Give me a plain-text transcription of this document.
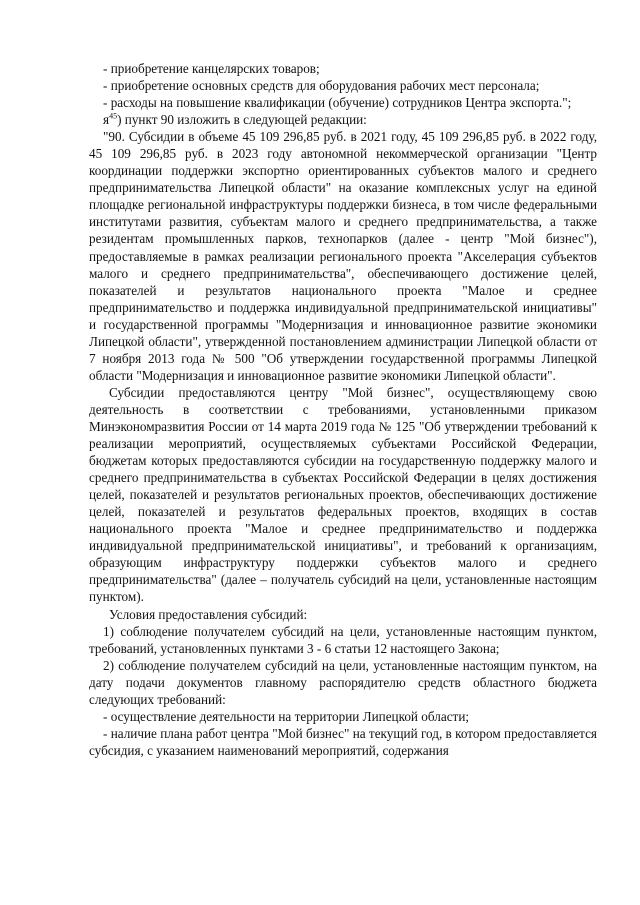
- приобретение канцелярских товаров;

- приобретение основных средств для оборудования рабочих мест персонала;

- расходы на повышение квалификации (обучение) сотрудников Центра экспорта.";

$я^{45}$) пункт 90 изложить в следующей редакции:

"90. Субсидии в объеме 45 109 296,85 руб. в 2021 году, 45 109 296,85 руб. в 2022 году, 45 109 296,85 руб. в 2023 году автономной некоммерческой организации "Центр координации поддержки экспортно ориентированных субъектов малого и среднего предпринимательства Липецкой области" на оказание комплексных услуг на единой площадке региональной инфраструктуры поддержки бизнеса, в том числе федеральными институтами развития, субъектам малого и среднего предпринимательства, а также резидентам промышленных парков, технопарков (далее - центр "Мой бизнес"), предоставляемые в рамках реализации регионального проекта "Акселерация субъектов малого и среднего предпринимательства", обеспечивающего достижение целей, показателей и результатов национального проекта "Малое и среднее предпринимательство и поддержка индивидуальной предпринимательской инициативы" и государственной программы "Модернизация и инновационное развитие экономики Липецкой области", утвержденной постановлением администрации Липецкой области от 7 ноября 2013 года № 500 "Об утверждении государственной программы Липецкой области "Модернизация и инновационное развитие экономики Липецкой области".

Субсидии предоставляются центру "Мой бизнес", осуществляющему свою деятельность в соответствии с требованиями, установленными приказом Минэкономразвития России от 14 марта 2019 года № 125 "Об утверждении требований к реализации мероприятий, осуществляемых субъектами Российской Федерации, бюджетам которых предоставляются субсидии на государственную поддержку малого и среднего предпринимательства в субъектах Российской Федерации в целях достижения целей, показателей и результатов региональных проектов, обеспечивающих достижение целей, показателей и результатов федеральных проектов, входящих в состав национального проекта "Малое и среднее предпринимательство и поддержка индивидуальной предпринимательской инициативы", и требований к организациям, образующим инфраструктуру поддержки субъектов малого и среднего предпринимательства" (далее – получатель субсидий на цели, установленные настоящим пунктом).

Условия предоставления субсидий:

1) соблюдение получателем субсидий на цели, установленные настоящим пунктом, требований, установленных пунктами 3 - 6 статьи 12 настоящего Закона;

2) соблюдение получателем субсидий на цели, установленные настоящим пунктом, на дату подачи документов главному распорядителю средств областного бюджета следующих требований:

- осуществление деятельности на территории Липецкой области;

- наличие плана работ центра "Мой бизнес" на текущий год, в котором предоставляется субсидия, с указанием наименований мероприятий, содержания
